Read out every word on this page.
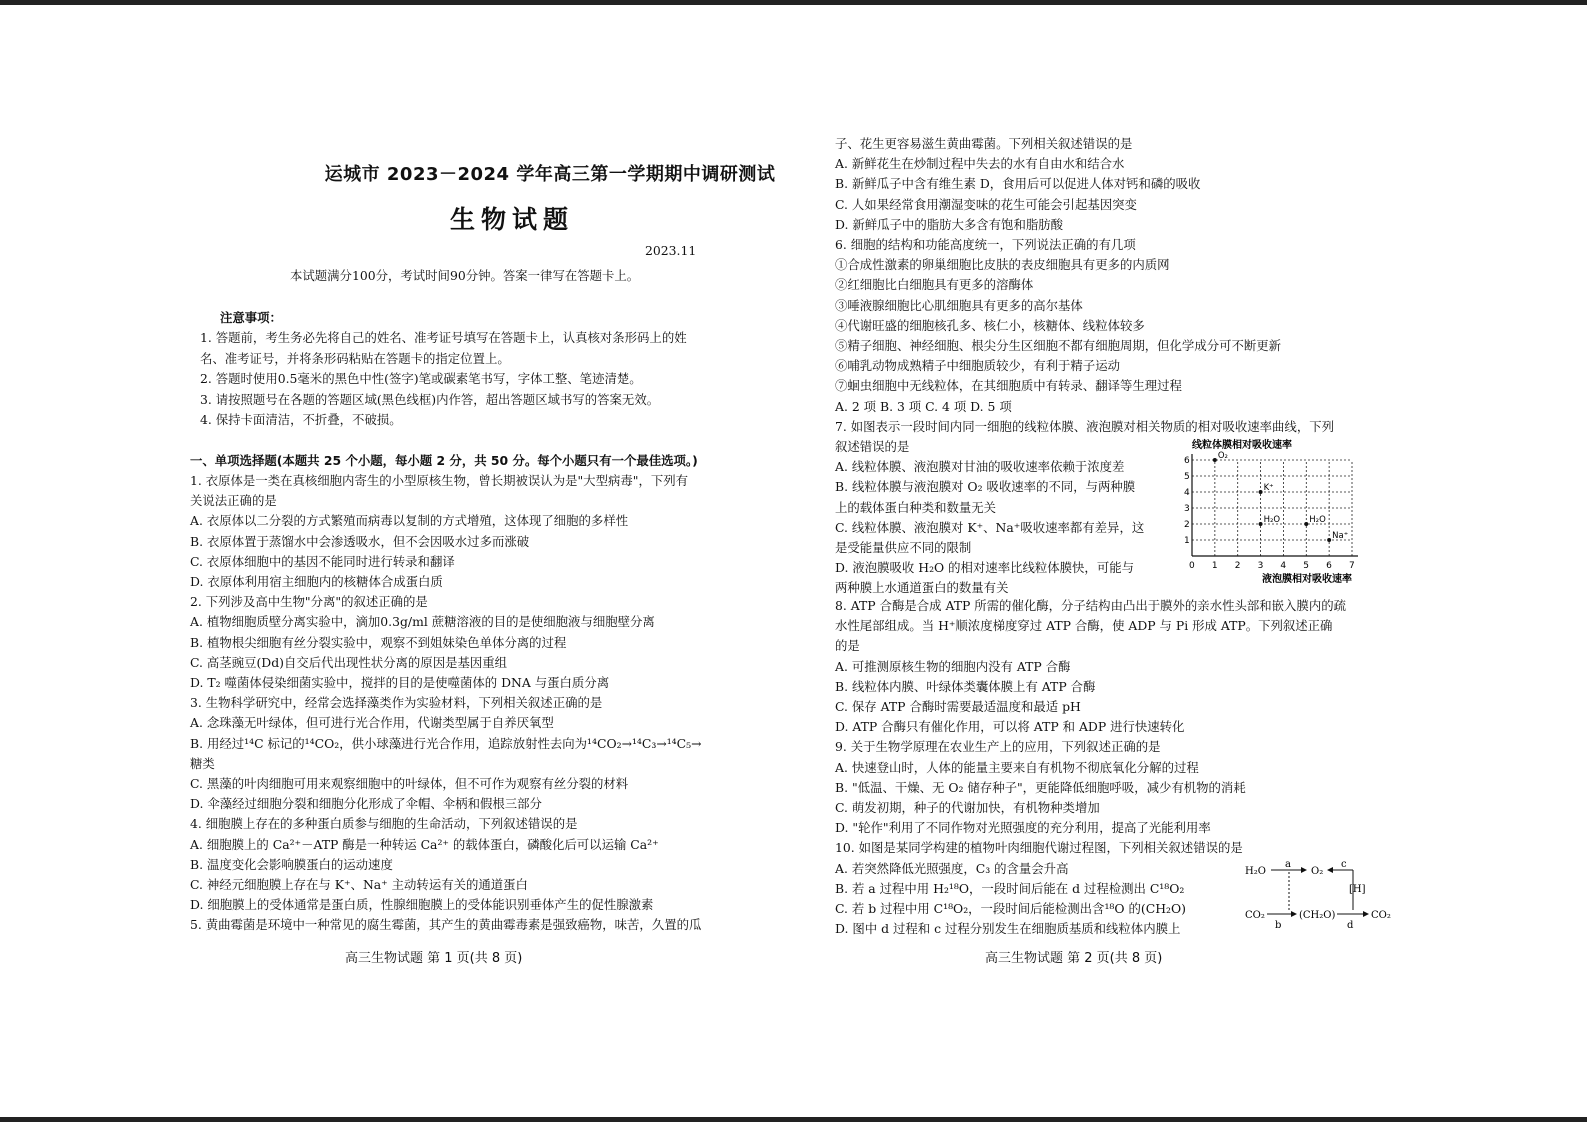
运城市 2023－2024 学年高三第一学期期中调研测试
生物试题
2023.11
本试题满分100分，考试时间90分钟。答案一律写在答题卡上。
注意事项：
1. 答题前，考生务必先将自己的姓名、准考证号填写在答题卡上，认真核对条形码上的姓
名、准考证号，并将条形码粘贴在答题卡的指定位置上。
2. 答题时使用0.5毫米的黑色中性(签字)笔或碳素笔书写，字体工整、笔迹清楚。
3. 请按照题号在各题的答题区域(黑色线框)内作答，超出答题区域书写的答案无效。
4. 保持卡面清洁，不折叠，不破损。
一、单项选择题(本题共 25 个小题，每小题 2 分，共 50 分。每个小题只有一个最佳选项。)
1. 衣原体是一类在真核细胞内寄生的小型原核生物，曾长期被误认为是"大型病毒"，下列有
关说法正确的是
A. 衣原体以二分裂的方式繁殖而病毒以复制的方式增殖，这体现了细胞的多样性
B. 衣原体置于蒸馏水中会渗透吸水，但不会因吸水过多而涨破
C. 衣原体细胞中的基因不能同时进行转录和翻译
D. 衣原体利用宿主细胞内的核糖体合成蛋白质
2. 下列涉及高中生物"分离"的叙述正确的是
A. 植物细胞质壁分离实验中，滴加0.3g/ml 蔗糖溶液的目的是使细胞液与细胞壁分离
B. 植物根尖细胞有丝分裂实验中，观察不到姐妹染色单体分离的过程
C. 高茎豌豆(Dd)自交后代出现性状分离的原因是基因重组
D. T₂ 噬菌体侵染细菌实验中，搅拌的目的是使噬菌体的 DNA 与蛋白质分离
3. 生物科学研究中，经常会选择藻类作为实验材料，下列相关叙述正确的是
A. 念珠藻无叶绿体，但可进行光合作用，代谢类型属于自养厌氧型
B. 用经过¹⁴C 标记的¹⁴CO₂，供小球藻进行光合作用，追踪放射性去向为¹⁴CO₂→¹⁴C₃→¹⁴C₅→
糖类
C. 黑藻的叶肉细胞可用来观察细胞中的叶绿体，但不可作为观察有丝分裂的材料
D. 伞藻经过细胞分裂和细胞分化形成了伞帽、伞柄和假根三部分
4. 细胞膜上存在的多种蛋白质参与细胞的生命活动，下列叙述错误的是
A. 细胞膜上的 Ca²⁺－ATP 酶是一种转运 Ca²⁺ 的载体蛋白，磷酸化后可以运输 Ca²⁺
B. 温度变化会影响膜蛋白的运动速度
C. 神经元细胞膜上存在与 K⁺、Na⁺ 主动转运有关的通道蛋白
D. 细胞膜上的受体通常是蛋白质，性腺细胞膜上的受体能识别垂体产生的促性腺激素
5. 黄曲霉菌是环境中一种常见的腐生霉菌，其产生的黄曲霉毒素是强致癌物，味苦，久置的瓜
高三生物试题 第 1 页(共 8 页)
子、花生更容易滋生黄曲霉菌。下列相关叙述错误的是
A. 新鲜花生在炒制过程中失去的水有自由水和结合水
B. 新鲜瓜子中含有维生素 D，食用后可以促进人体对钙和磷的吸收
C. 人如果经常食用潮湿变味的花生可能会引起基因突变
D. 新鲜瓜子中的脂肪大多含有饱和脂肪酸
6. 细胞的结构和功能高度统一，下列说法正确的有几项
①合成性激素的卵巢细胞比皮肤的表皮细胞具有更多的内质网
②红细胞比白细胞具有更多的溶酶体
③唾液腺细胞比心肌细胞具有更多的高尔基体
④代谢旺盛的细胞核孔多、核仁小，核糖体、线粒体较多
⑤精子细胞、神经细胞、根尖分生区细胞不都有细胞周期，但化学成分可不断更新
⑥哺乳动物成熟精子中细胞质较少，有利于精子运动
⑦蛔虫细胞中无线粒体，在其细胞质中有转录、翻译等生理过程
A. 2 项 B. 3 项 C. 4 项 D. 5 项
7. 如图表示一段时间内同一细胞的线粒体膜、液泡膜对相关物质的相对吸收速率曲线，下列
叙述错误的是
A. 线粒体膜、液泡膜对甘油的吸收速率依赖于浓度差
B. 线粒体膜与液泡膜对 O₂ 吸收速率的不同，与两种膜
上的载体蛋白种类和数量无关
C. 线粒体膜、液泡膜对 K⁺、Na⁺吸收速率都有差异，这
是受能量供应不同的限制
D. 液泡膜吸收 H₂O 的相对速率比线粒体膜快，可能与
两种膜上水通道蛋白的数量有关
线粒体膜相对吸收速率
1
2
3
4
5
6
0 1 2 3 4 5 6 7
液泡膜相对吸收速率
O₂
K⁺
H₂O	H₂O
Na⁺
8. ATP 合酶是合成 ATP 所需的催化酶，分子结构由凸出于膜外的亲水性头部和嵌入膜内的疏
水性尾部组成。当 H⁺顺浓度梯度穿过 ATP 合酶，使 ADP 与 Pi 形成 ATP。下列叙述正确
的是
A. 可推测原核生物的细胞内没有 ATP 合酶
B. 线粒体内膜、叶绿体类囊体膜上有 ATP 合酶
C. 保存 ATP 合酶时需要最适温度和最适 pH
D. ATP 合酶只有催化作用，可以将 ATP 和 ADP 进行快速转化
9. 关于生物学原理在农业生产上的应用，下列叙述正确的是
A. 快速登山时，人体的能量主要来自有机物不彻底氧化分解的过程
B. "低温、干燥、无 O₂ 储存种子"，更能降低细胞呼吸，减少有机物的消耗
C. 萌发初期，种子的代谢加快，有机物种类增加
D. "轮作"利用了不同作物对光照强度的充分利用，提高了光能利用率
10. 如图是某同学构建的植物叶肉细胞代谢过程图，下列相关叙述错误的是
A. 若突然降低光照强度，C₃ 的含量会升高
B. 若 a 过程中用 H₂¹⁸O，一段时间后能在 d 过程检测出 C¹⁸O₂
C. 若 b 过程中用 C¹⁸O₂，一段时间后能检测出含¹⁸O 的(CH₂O)
D. 图中 d 过程和 c 过程分别发生在细胞质基质和线粒体内膜上
H₂O
a
O₂
c
[H]
CO₂
b
(CH₂O)
d
CO₂
高三生物试题 第 2 页(共 8 页)
